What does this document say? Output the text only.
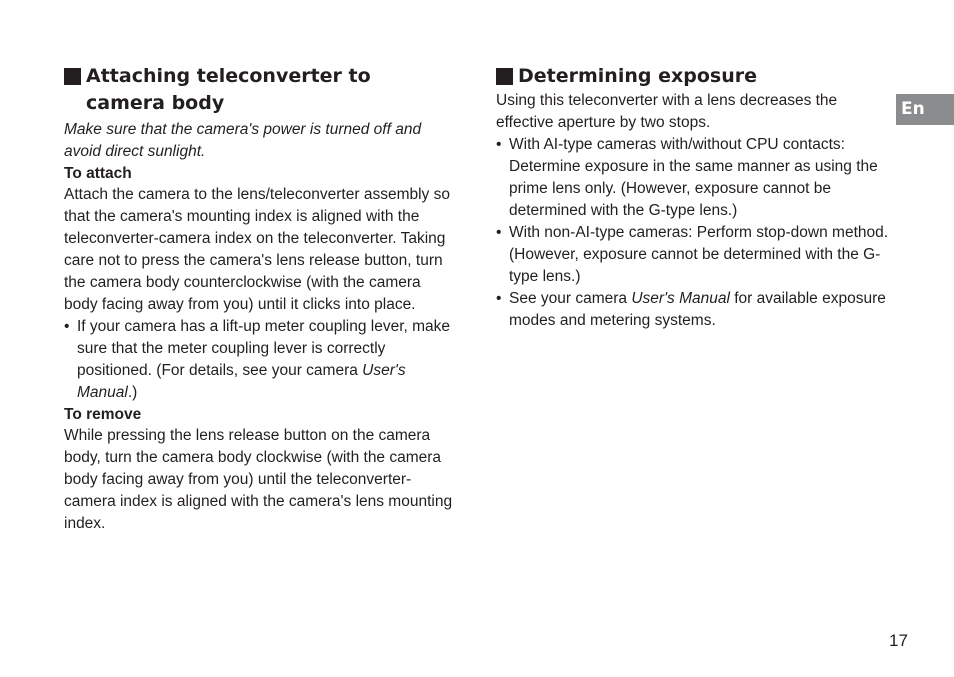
Attaching teleconverter to camera body

Make sure that the camera's power is turned off and avoid direct sunlight.

To attach

Attach the camera to the lens/teleconverter assembly so that the camera's mounting index is aligned with the teleconverter-camera index on the teleconverter. Taking care not to press the camera's lens release button, turn the camera body counterclockwise (with the camera body facing away from you) until it clicks into place.

• If your camera has a lift-up meter coupling lever, make sure that the meter coupling lever is correctly positioned. (For details, see your camera User's Manual.)

To remove

While pressing the lens release button on the camera body, turn the camera body clockwise (with the camera body facing away from you) until the teleconverter-camera index is aligned with the camera's lens mounting index.

Determining exposure

Using this teleconverter with a lens decreases the effective aperture by two stops.

• With AI-type cameras with/without CPU contacts: Determine exposure in the same manner as using the prime lens only. (However, exposure cannot be determined with the G-type lens.)
• With non-AI-type cameras: Perform stop-down method. (However, exposure cannot be determined with the G-type lens.)
• See your camera User's Manual for available exposure modes and metering systems.
En
17
